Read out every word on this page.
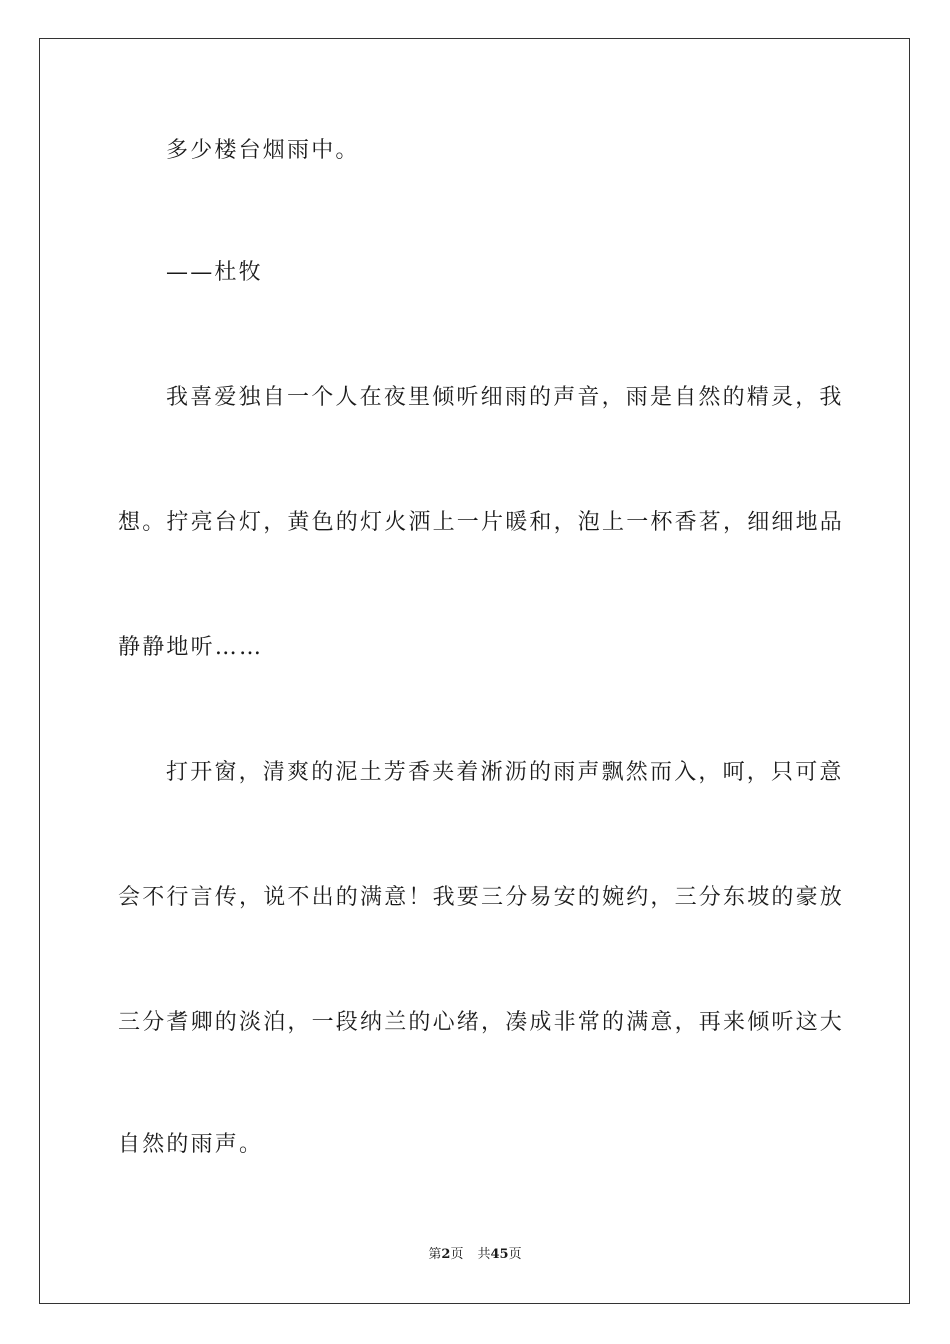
多少楼台烟雨中。
——杜牧
我喜爱独自一个人在夜里倾听细雨的声音，雨是自然的精灵，我
想。拧亮台灯，黄色的灯火洒上一片暖和，泡上一杯香茗，细细地品
静静地听……
打开窗，清爽的泥土芳香夹着淅沥的雨声飘然而入，呵，只可意
会不行言传，说不出的满意！我要三分易安的婉约，三分东坡的豪放
三分耆卿的淡泊，一段纳兰的心绪，凑成非常的满意，再来倾听这大
自然的雨声。
第2页 共45页
